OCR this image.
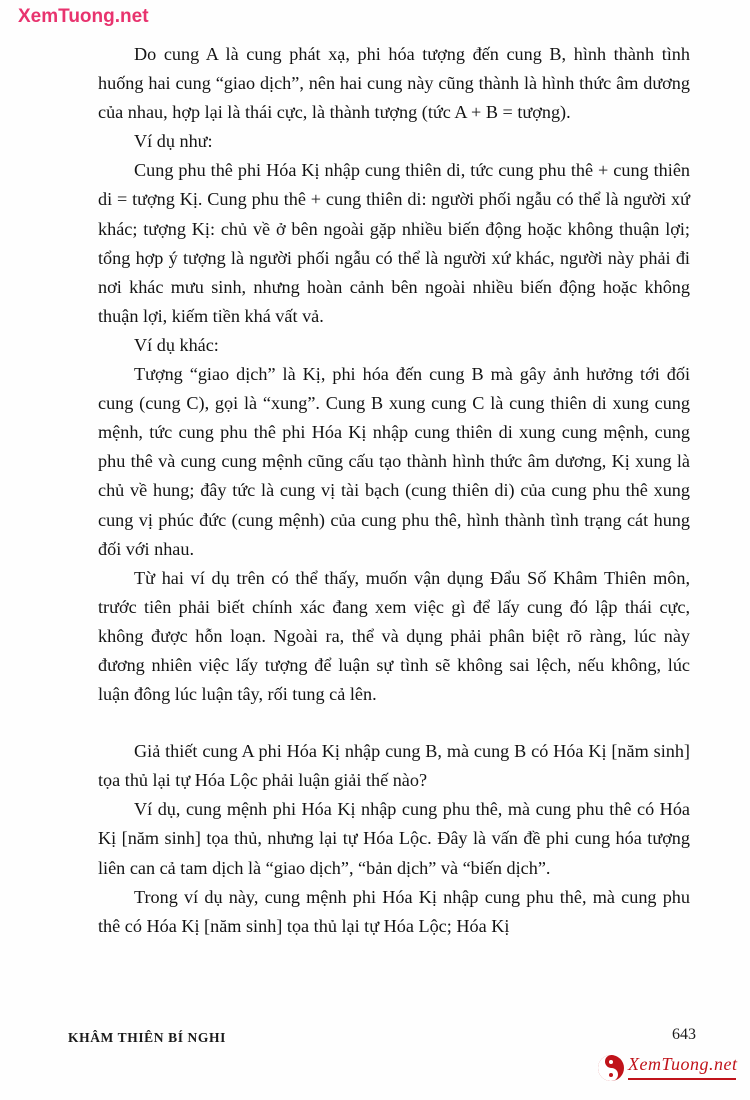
XemTuong.net

Do cung A là cung phát xạ, phi hóa tượng đến cung B, hình thành tình huống hai cung “giao dịch”, nên hai cung này cũng thành là hình thức âm dương của nhau, hợp lại là thái cực, là thành tượng (tức A + B = tượng).

Ví dụ như:

Cung phu thê phi Hóa Kị nhập cung thiên di, tức cung phu thê + cung thiên di = tượng Kị. Cung phu thê + cung thiên di: người phối ngẫu có thể là người xứ khác; tượng Kị: chủ về ở bên ngoài gặp nhiều biến động hoặc không thuận lợi; tổng hợp ý tượng là người phối ngẫu có thể là người xứ khác, người này phải đi nơi khác mưu sinh, nhưng hoàn cảnh bên ngoài nhiều biến động hoặc không thuận lợi, kiếm tiền khá vất vả.

Ví dụ khác:

Tượng “giao dịch” là Kị, phi hóa đến cung B mà gây ảnh hưởng tới đối cung (cung C), gọi là “xung”. Cung B xung cung C là cung thiên di xung cung mệnh, tức cung phu thê phi Hóa Kị nhập cung thiên di xung cung mệnh, cung phu thê và cung cung mệnh cũng cấu tạo thành hình thức âm dương, Kị xung là chủ về hung; đây tức là cung vị tài bạch (cung thiên di) của cung phu thê xung cung vị phúc đức (cung mệnh) của cung phu thê, hình thành tình trạng cát hung đối với nhau.

Từ hai ví dụ trên có thể thấy, muốn vận dụng Đẩu Số Khâm Thiên môn, trước tiên phải biết chính xác đang xem việc gì để lấy cung đó lập thái cực, không được hỗn loạn. Ngoài ra, thể và dụng phải phân biệt rõ ràng, lúc này đương nhiên việc lấy tượng để luận sự tình sẽ không sai lệch, nếu không, lúc luận đông lúc luận tây, rối tung cả lên.

Giả thiết cung A phi Hóa Kị nhập cung B, mà cung B có Hóa Kị [năm sinh] tọa thủ lại tự Hóa Lộc phải luận giải thế nào?

Ví dụ, cung mệnh phi Hóa Kị nhập cung phu thê, mà cung phu thê có Hóa Kị [năm sinh] tọa thủ, nhưng lại tự Hóa Lộc. Đây là vấn đề phi cung hóa tượng liên can cả tam dịch là “giao dịch”, “bản dịch” và “biến dịch”.

Trong ví dụ này, cung mệnh phi Hóa Kị nhập cung phu thê, mà cung phu thê có Hóa Kị [năm sinh] tọa thủ lại tự Hóa Lộc; Hóa Kị

KHÂM THIÊN BÍ NGHI	643
XemTuong.net
